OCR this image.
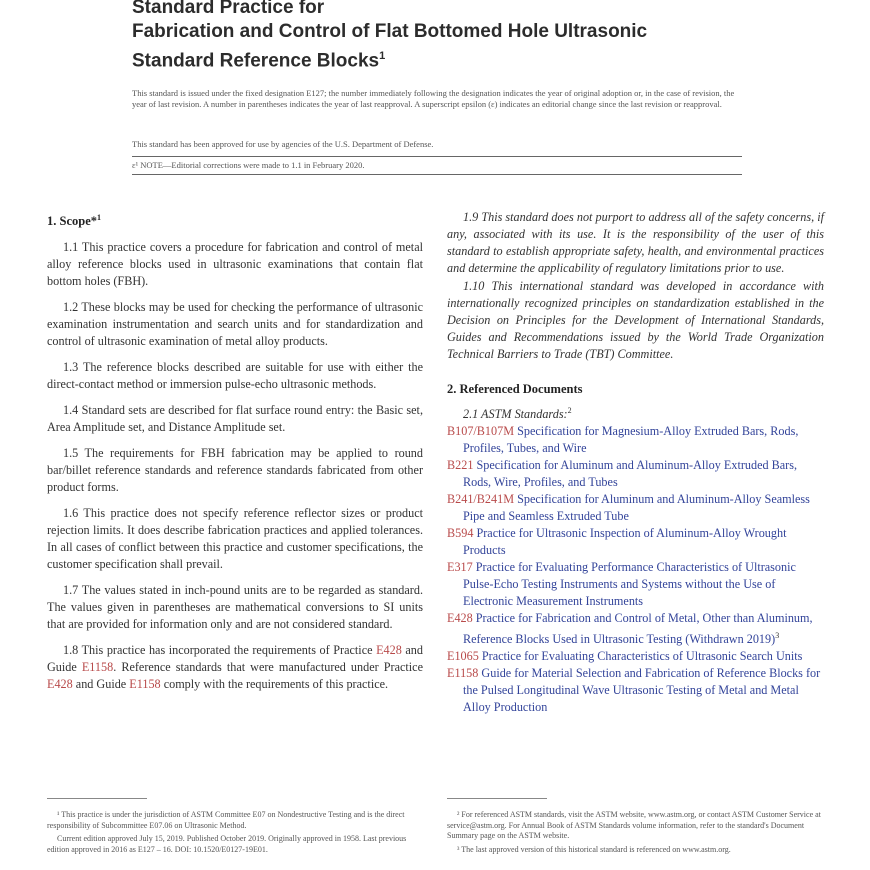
Standard Practice for
Fabrication and Control of Flat Bottomed Hole Ultrasonic
Standard Reference Blocks$^1$
This standard is issued under the fixed designation E127; the number immediately following the designation indicates the year of original adoption or, in the case of revision, the year of last revision. A number in parentheses indicates the year of last reapproval. A superscript epsilon (ε) indicates an editorial change since the last revision or reapproval.
This standard has been approved for use by agencies of the U.S. Department of Defense.
ε¹ NOTE—Editorial corrections were made to 1.1 in February 2020.
1. Scope*$^1$

1.1 This practice covers a procedure for fabrication and control of metal alloy reference blocks used in ultrasonic examinations that contain flat bottom holes (FBH).

1.2 These blocks may be used for checking the performance of ultrasonic examination instrumentation and search units and for standardization and control of ultrasonic examination of metal alloy products.

1.3 The reference blocks described are suitable for use with either the direct-contact method or immersion pulse-echo ultrasonic methods.

1.4 Standard sets are described for flat surface round entry: the Basic set, Area Amplitude set, and Distance Amplitude set.

1.5 The requirements for FBH fabrication may be applied to round bar/billet reference standards and reference standards fabricated from other product forms.

1.6 This practice does not specify reference reflector sizes or product rejection limits. It does describe fabrication practices and applied tolerances. In all cases of conflict between this practice and customer specifications, the customer specification shall prevail.

1.7 The values stated in inch-pound units are to be regarded as standard. The values given in parentheses are mathematical conversions to SI units that are provided for information only and are not considered standard.

1.8 This practice has incorporated the requirements of Practice E428 and Guide E1158. Reference standards that were manufactured under Practice E428 and Guide E1158 comply with the requirements of this practice.

1.9 This standard does not purport to address all of the safety concerns, if any, associated with its use. It is the responsibility of the user of this standard to establish appropriate safety, health, and environmental practices and determine the applicability of regulatory limitations prior to use.

1.10 This international standard was developed in accordance with internationally recognized principles on standardization established in the Decision on Principles for the Development of International Standards, Guides and Recommendations issued by the World Trade Organization Technical Barriers to Trade (TBT) Committee.

2. Referenced Documents

2.1 ASTM Standards:$^2$

B107/B107M Specification for Magnesium-Alloy Extruded Bars, Rods, Profiles, Tubes, and Wire
B221 Specification for Aluminum and Aluminum-Alloy Extruded Bars, Rods, Wire, Profiles, and Tubes
B241/B241M Specification for Aluminum and Aluminum-Alloy Seamless Pipe and Seamless Extruded Tube
B594 Practice for Ultrasonic Inspection of Aluminum-Alloy Wrought Products
E317 Practice for Evaluating Performance Characteristics of Ultrasonic Pulse-Echo Testing Instruments and Systems without the Use of Electronic Measurement Instruments
E428 Practice for Fabrication and Control of Metal, Other than Aluminum, Reference Blocks Used in Ultrasonic Testing (Withdrawn 2019)$^3$
E1065 Practice for Evaluating Characteristics of Ultrasonic Search Units
E1158 Guide for Material Selection and Fabrication of Reference Blocks for the Pulsed Longitudinal Wave Ultrasonic Testing of Metal and Metal Alloy Production

¹ This practice is under the jurisdiction of ASTM Committee E07 on Nondestructive Testing and is the direct responsibility of Subcommittee E07.06 on Ultrasonic Method.

Current edition approved July 15, 2019. Published October 2019. Originally approved in 1958. Last previous edition approved in 2016 as E127 – 16. DOI: 10.1520/E0127-19E01.

² For referenced ASTM standards, visit the ASTM website, www.astm.org, or contact ASTM Customer Service at service@astm.org. For Annual Book of ASTM Standards volume information, refer to the standard's Document Summary page on the ASTM website.

³ The last approved version of this historical standard is referenced on www.astm.org.
